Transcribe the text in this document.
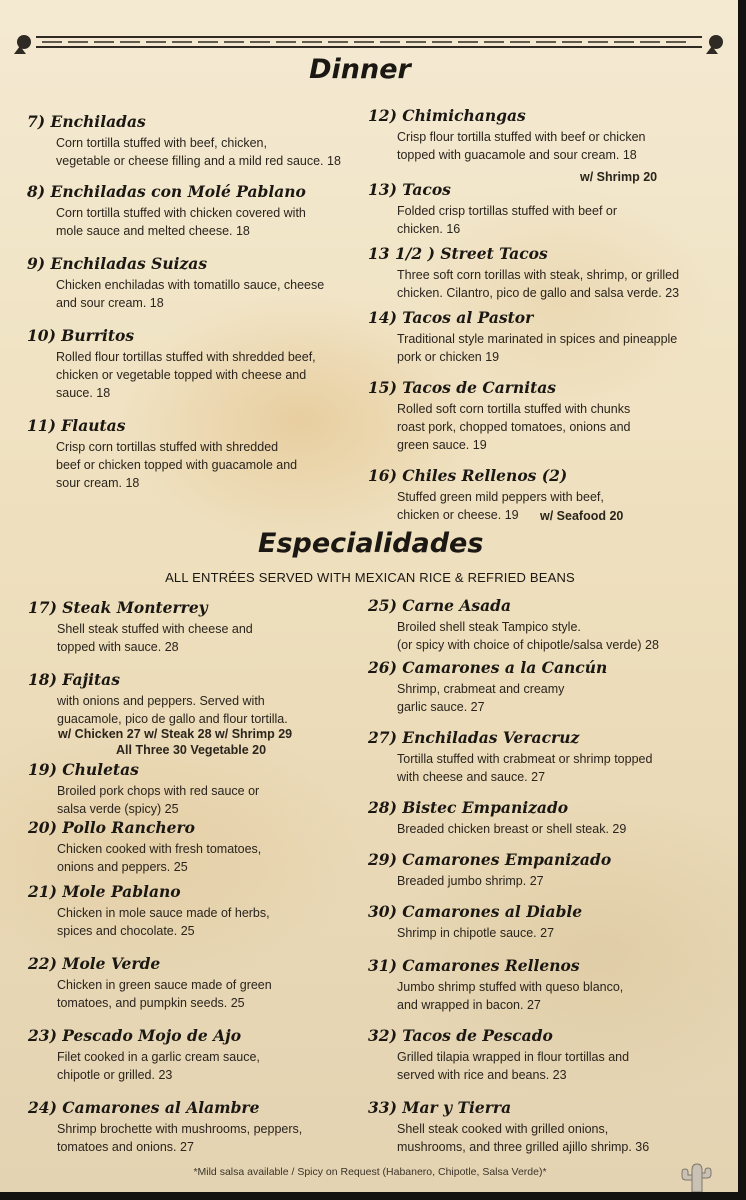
Dinner

7) Enchiladas

Corn tortilla stuffed with beef, chicken,
vegetable or cheese filling and a mild red sauce. 18

8) Enchiladas con Molé Pablano

Corn tortilla stuffed with chicken covered with
mole sauce and melted cheese. 18

9) Enchiladas Suizas

Chicken enchiladas with tomatillo sauce, cheese
and sour cream. 18

10) Burritos

Rolled flour tortillas stuffed with shredded beef,
chicken or vegetable topped with cheese and
sauce. 18

11) Flautas

Crisp corn tortillas stuffed with shredded
beef or chicken topped with guacamole and
sour cream. 18

12) Chimichangas

Crisp flour tortilla stuffed with beef or chicken
topped with guacamole and sour cream. 18
w/ Shrimp 20

13) Tacos

Folded crisp tortillas stuffed with beef or
chicken. 16

13 1/2 ) Street Tacos

Three soft corn torillas with steak, shrimp, or grilled
chicken. Cilantro, pico de gallo and salsa verde. 23

14) Tacos al Pastor

Traditional style marinated in spices and pineapple
pork or chicken 19

15) Tacos de Carnitas

Rolled soft corn tortilla stuffed with chunks
roast pork, chopped tomatoes, onions and
green sauce. 19

16) Chiles Rellenos (2)

Stuffed green mild peppers with beef,
chicken or cheese. 19	w/ Seafood 20
Especialidades
ALL ENTRÉES SERVED WITH MEXICAN RICE & REFRIED BEANS

17) Steak Monterrey

Shell steak stuffed with cheese and
topped with sauce. 28

18) Fajitas

with onions and peppers. Served with
guacamole, pico de gallo and flour tortilla.
w/ Chicken 27 w/ Steak 28 w/ Shrimp 29
All Three 30 Vegetable 20

19) Chuletas

Broiled pork chops with red sauce or
salsa verde (spicy) 25

20) Pollo Ranchero

Chicken cooked with fresh tomatoes,
onions and peppers. 25

21) Mole Pablano

Chicken in mole sauce made of herbs,
spices and chocolate. 25

22) Mole Verde

Chicken in green sauce made of green
tomatoes, and pumpkin seeds. 25

23) Pescado Mojo de Ajo

Filet cooked in a garlic cream sauce,
chipotle or grilled. 23

24) Camarones al Alambre

Shrimp brochette with mushrooms, peppers,
tomatoes and onions. 27

25) Carne Asada

Broiled shell steak Tampico style.
(or spicy with choice of chipotle/salsa verde) 28

26) Camarones a la Cancún

Shrimp, crabmeat and creamy
garlic sauce. 27

27) Enchiladas Veracruz

Tortilla stuffed with crabmeat or shrimp topped
with cheese and sauce. 27

28) Bistec Empanizado

Breaded chicken breast or shell steak. 29

29) Camarones Empanizado

Breaded jumbo shrimp. 27

30) Camarones al Diable

Shrimp in chipotle sauce. 27

31) Camarones Rellenos

Jumbo shrimp stuffed with queso blanco,
and wrapped in bacon. 27

32) Tacos de Pescado

Grilled tilapia wrapped in flour tortillas and
served with rice and beans. 23

33) Mar y Tierra

Shell steak cooked with grilled onions,
mushrooms, and three grilled ajillo shrimp. 36
*Mild salsa available / Spicy on Request (Habanero, Chipotle, Salsa Verde)*
